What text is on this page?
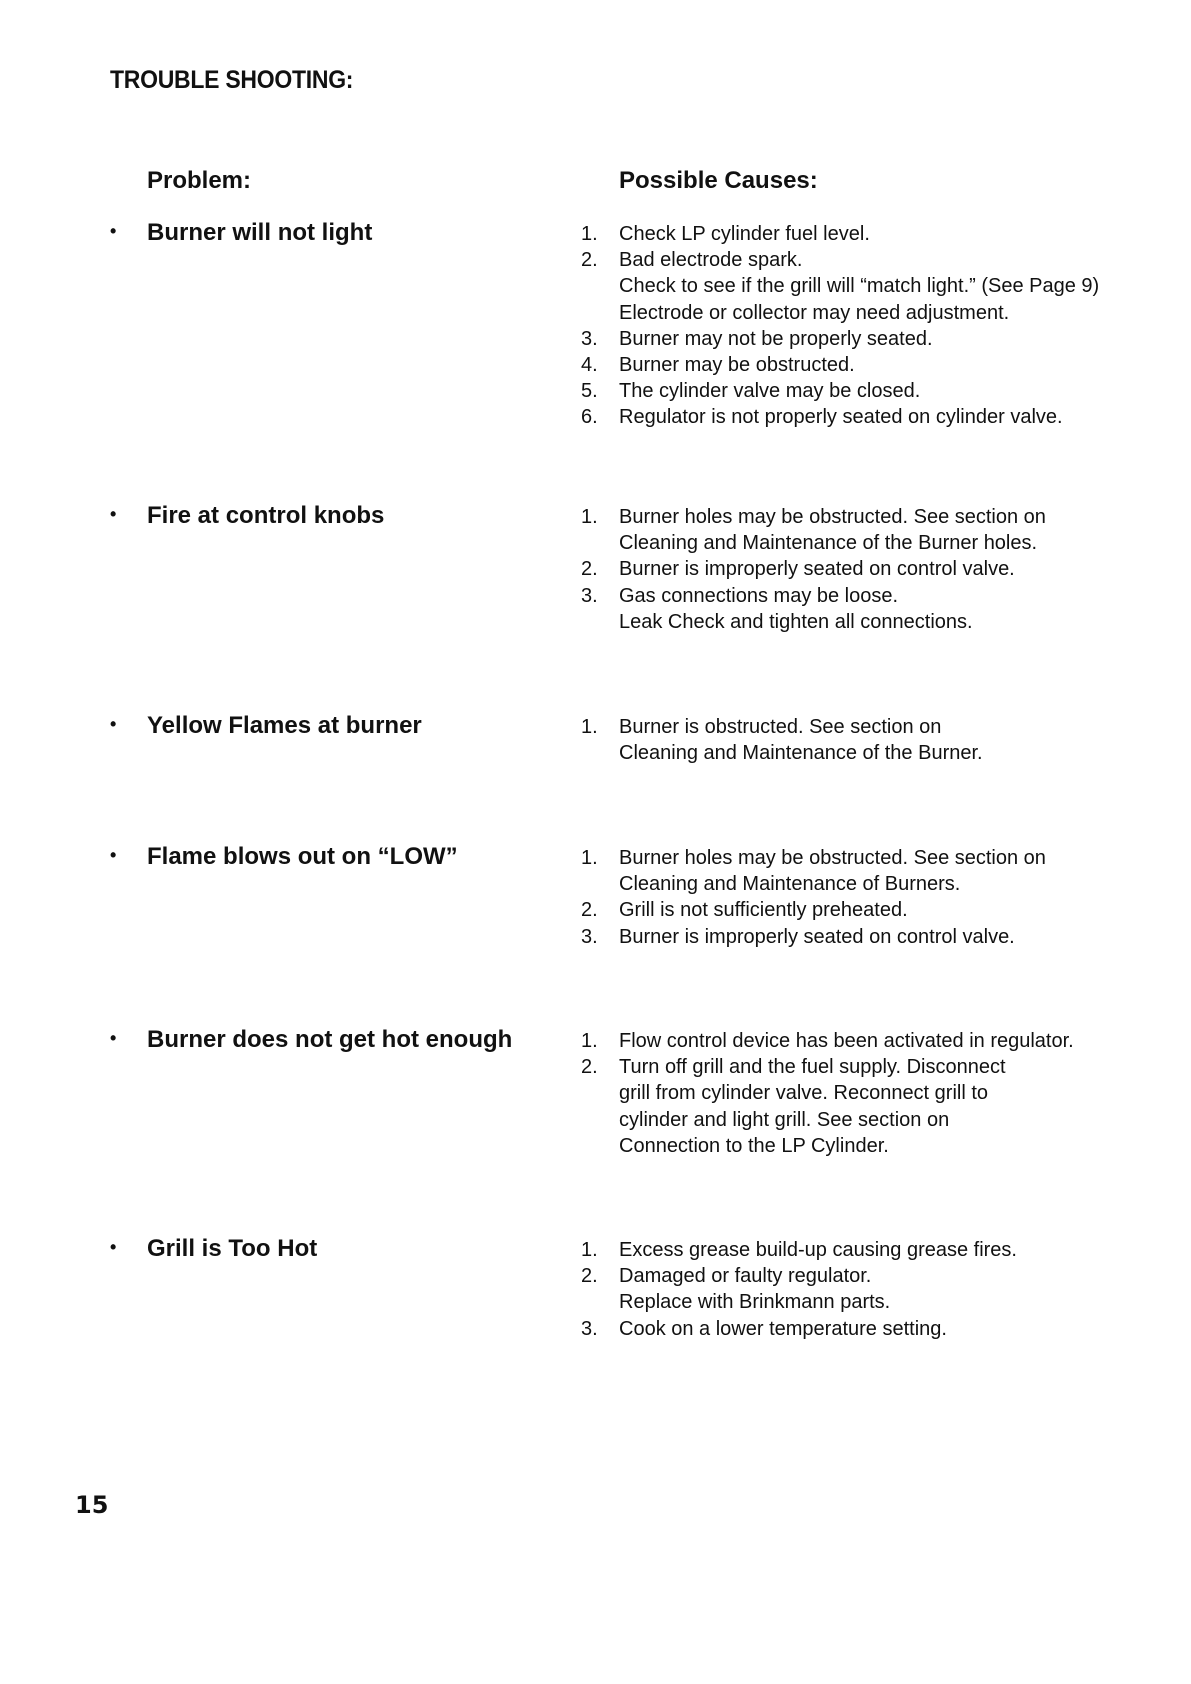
TROUBLE SHOOTING:
Problem:	Possible Causes:
• Burner will not light	1. Check LP cylinder fuel level.
2. Bad electrode spark.
Check to see if the grill will “match light.” (See Page 9)
Electrode or collector may need adjustment.
3. Burner may not be properly seated.
4. Burner may be obstructed.
5. The cylinder valve may be closed.
6. Regulator is not properly seated on cylinder valve.
• Fire at control knobs	1. Burner holes may be obstructed. See section on
Cleaning and Maintenance of the Burner holes.
2. Burner is improperly seated on control valve.
3. Gas connections may be loose.
Leak Check and tighten all connections.
• Yellow Flames at burner	1. Burner is obstructed. See section on
Cleaning and Maintenance of the Burner.
• Flame blows out on “LOW”	1. Burner holes may be obstructed. See section on
Cleaning and Maintenance of Burners.
2. Grill is not sufficiently preheated.
3. Burner is improperly seated on control valve.
• Burner does not get hot enough	1. Flow control device has been activated in regulator.
2. Turn off grill and the fuel supply. Disconnect
grill from cylinder valve. Reconnect grill to
cylinder and light grill. See section on
Connection to the LP Cylinder.
• Grill is Too Hot	1. Excess grease build-up causing grease fires.
2. Damaged or faulty regulator.
Replace with Brinkmann parts.
3. Cook on a lower temperature setting.
15
